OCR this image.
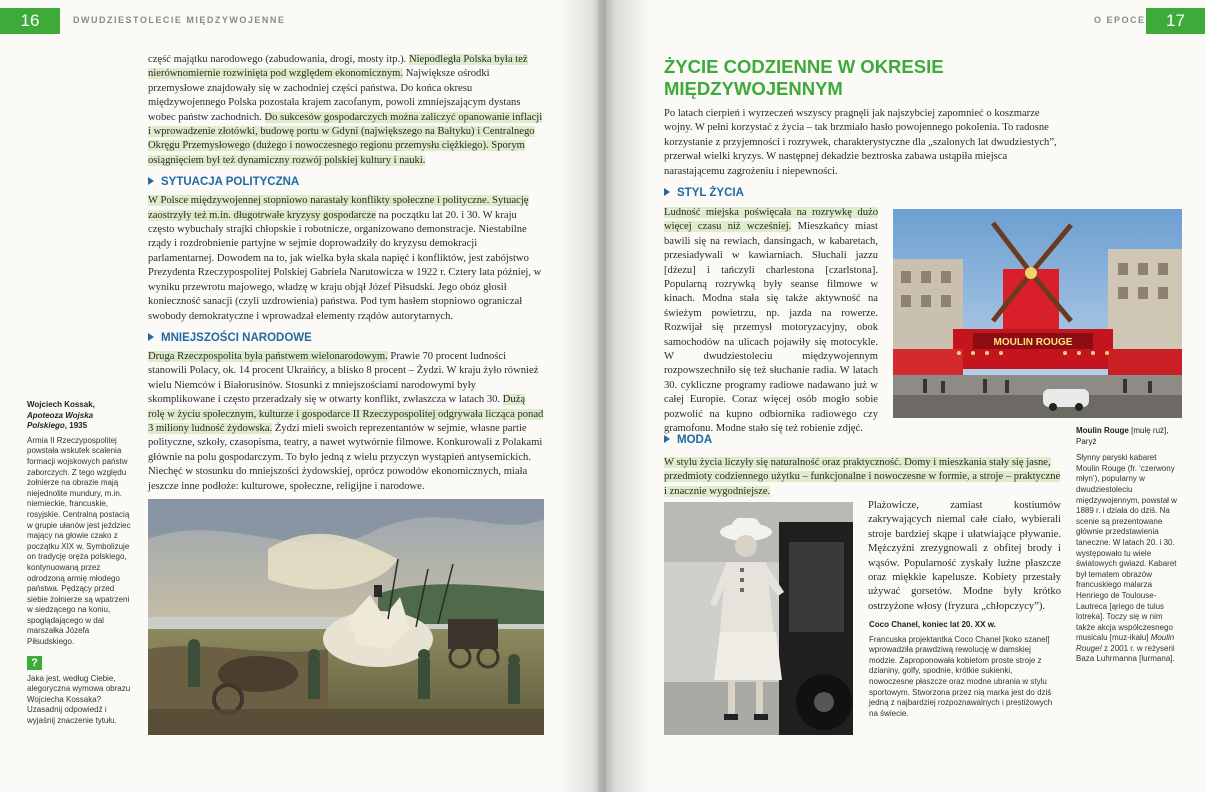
16	DWUDZIESTOLECIE MIĘDZYWOJENNE

część majątku narodowego (zabudowania, drogi, mosty itp.). Niepodległa Polska była też nierównomiernie rozwinięta pod względem ekonomicznym. Największe ośrodki przemysłowe znajdowały się w zachodniej części państwa. Do końca okresu międzywojennego Polska pozostała krajem zacofanym, powoli zmniejszającym dystans wobec państw zachodnich. Do sukcesów gospodarczych można zaliczyć opanowanie inflacji i wprowadzenie złotówki, budowę portu w Gdyni (największego na Bałtyku) i Centralnego Okręgu Przemysłowego (dużego i nowoczesnego regionu przemysłu ciężkiego). Sporym osiągnięciem był też dynamiczny rozwój polskiej kultury i nauki.

SYTUACJA POLITYCZNA

W Polsce międzywojennej stopniowo narastały konflikty społeczne i polityczne. Sytuację zaostrzyły też m.in. długotrwałe kryzysy gospodarcze na początku lat 20. i 30. W kraju często wybuchały strajki chłopskie i robotnicze, organizowano demonstracje. Niestabilne rządy i rozdrobnienie partyjne w sejmie doprowadziły do kryzysu demokracji parlamentarnej. Dowodem na to, jak wielka była skala napięć i konfliktów, jest zabójstwo Prezydenta Rzeczypospolitej Polskiej Gabriela Narutowicza w 1922 r. Cztery lata później, w wyniku przewrotu majowego, władzę w kraju objął Józef Piłsudski. Jego obóz głosił konieczność sanacji (czyli uzdrowienia) państwa. Pod tym hasłem stopniowo ograniczał swobody demokratyczne i wprowadzał elementy rządów autorytarnych.

MNIEJSZOŚCI NARODOWE

Druga Rzeczpospolita była państwem wielonarodowym. Prawie 70 procent ludności stanowili Polacy, ok. 14 procent Ukraińcy, a blisko 8 procent – Żydzi. W kraju żyło również wielu Niemców i Białorusinów. Stosunki z mniejszościami narodowymi były skomplikowane i często przeradzały się w otwarty konflikt, zwłaszcza w latach 30. Dużą rolę w życiu społecznym, kulturze i gospodarce II Rzeczypospolitej odgrywała licząca ponad 3 miliony ludność żydowska. Żydzi mieli swoich reprezentantów w sejmie, własne partie polityczne, szkoły, czasopisma, teatry, a nawet wytwórnie filmowe. Konkurowali z Polakami głównie na polu gospodarczym. To było jedną z wielu przyczyn wystąpień antysemickich. Niechęć w stosunku do mniejszości żydowskiej, oprócz powodów ekonomicznych, miała jeszcze inne podłoże: kulturowe, społeczne, religijne i narodowe.

Wojciech Kossak, Apoteoza Wojska Polskiego, 1935

Armia II Rzeczypospolitej powstała wskutek scalenia formacji wojskowych państw zaborczych. Z tego względu żołnierze na obrazie mają niejednolite mundury, m.in. niemieckie, francuskie, rosyjskie. Centralną postacią w grupie ułanów jest jeździec mający na głowie czako z początku XIX w. Symbolizuje on tradycję oręża polskiego, kontynuowaną przez odrodzoną armię młodego państwa. Pędzący przed siebie żołnierze są wpatrzeni w siedzącego na koniu, spoglądającego w dal marszałka Józefa Piłsudskiego.

?

Jaka jest, według Ciebie, alegoryczna wymowa obrazu Wojciecha Kossaka? Uzasadnij odpowiedź i wyjaśnij znaczenie tytułu.

O EPOCE	17
ŻYCIE CODZIENNE W OKRESIE
MIĘDZYWOJENNYM

Po latach cierpień i wyrzeczeń wszyscy pragnęli jak najszybciej zapomnieć o koszmarze wojny. W pełni korzystać z życia – tak brzmiało hasło powojennego pokolenia. To radosne korzystanie z przyjemności i rozrywek, charakterystyczne dla „szalonych lat dwudziestych”, przerwał wielki kryzys. W następnej dekadzie beztroska zabawa ustąpiła miejsca narastającemu zagrożeniu i niepewności.

STYL ŻYCIA

Ludność miejska poświęcała na rozrywkę dużo więcej czasu niż wcześniej. Mieszkańcy miast bawili się na rewiach, dansingach, w kabaretach, przesiadywali w kawiarniach. Słuchali jazzu [dżezu] i tańczyli charlestona [czarlstona]. Popularną rozrywką były seanse filmowe w kinach. Modna stała się także aktywność na świeżym powietrzu, np. jazda na rowerze. Rozwijał się przemysł motoryzacyjny, obok samochodów na ulicach pojawiły się motocykle. W dwudziestoleciu międzywojennym rozpowszechniło się też słuchanie radia. W latach 30. cykliczne programy radiowe nadawano już w całej Europie. Coraz więcej osób mogło sobie pozwolić na kupno odbiornika radiowego czy gramofonu. Modne stało się też robienie zdjęć.

MOULIN ROUGE
MODA

W stylu życia liczyły się naturalność oraz praktyczność. Domy i mieszkania stały się jasne, przedmioty codziennego użytku – funkcjonalne i nowoczesne w formie, a stroje – praktyczne i znacznie wygodniejsze.

Plażowicze, zamiast kostiumów zakrywających niemal całe ciało, wybierali stroje bardziej skąpe i ułatwiające pływanie. Mężczyźni zrezygnowali z obfitej brody i wąsów. Popularność zyskały luźne płaszcze oraz miękkie kapelusze. Kobiety przestały używać gorsetów. Modne były krótko ostrzyżone włosy (fryzura „chłopczycy”).

Coco Chanel, koniec lat 20. XX w.

Francuska projektantka Coco Chanel [koko szanel] wprowadziła prawdziwą rewolucję w damskiej modzie. Zaproponowała kobietom proste stroje z dzianiny, golfy, spodnie, krótkie sukienki, nowoczesne płaszcze oraz modne ubrania w stylu sportowym. Stworzona przez nią marka jest do dziś jedną z najbardziej rozpoznawalnych i prestiżowych na świecie.

Moulin Rouge [mulę ruż],
Paryż

Słynny paryski kabaret Moulin Rouge (fr. ‘czerwony młyn’), popularny w dwudziestoleciu międzywojennym, powstał w 1889 r. i działa do dziś. Na scenie są prezentowane głównie przedstawienia taneczne. W latach 20. i 30. występowało tu wiele światowych gwiazd. Kabaret był tematem obrazów francuskiego malarza Henriego de Toulouse-Lautreca [ąriego de tulus lotreka]. Toczy się w nim także akcja współczesnego musicalu [muz-ikalu] Moulin Rouge! z 2001 r. w reżyserii Baza Luhrmanna [lurmana].
